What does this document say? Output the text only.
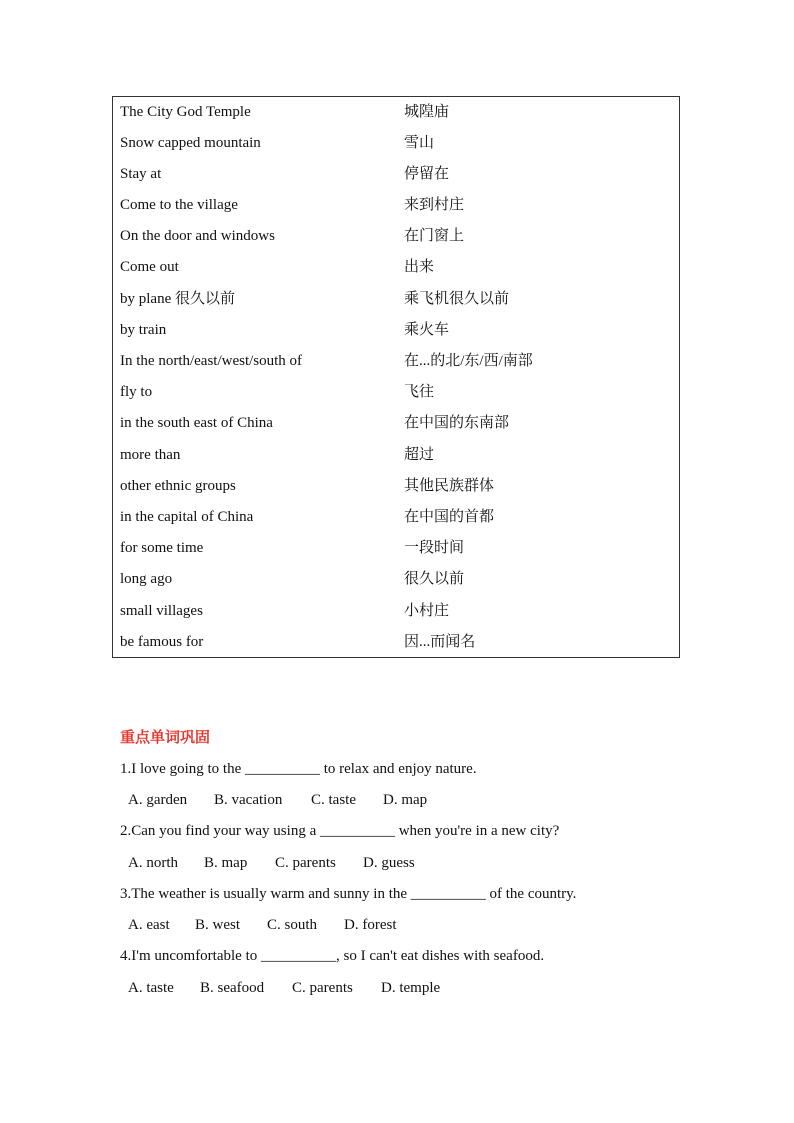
The City God Temple	城隍庙
Snow capped mountain	雪山
Stay at	停留在
Come to the village	来到村庄
On the door and windows	在门窗上
Come out	出来
by plane 很久以前	乘飞机很久以前
by train	乘火车
In the north/east/west/south of	在...的北/东/西/南部
fly to	飞往
in the south east of China	在中国的东南部
more than	超过
other ethnic groups	其他民族群体
in the capital of China	在中国的首都
for some time	一段时间
long ago	很久以前
small villages	小村庄
be famous for	因...而闻名
重点单词巩固
1.I love going to the __________ to relax and enjoy nature.
A. garden B. vacation C. taste D. map
2.Can you find your way using a __________ when you're in a new city?
A. north B. map C. parents D. guess
3.The weather is usually warm and sunny in the __________ of the country.
A. east B. west C. south D. forest
4.I'm uncomfortable to __________, so I can't eat dishes with seafood.
A. taste B. seafood C. parents D. temple
